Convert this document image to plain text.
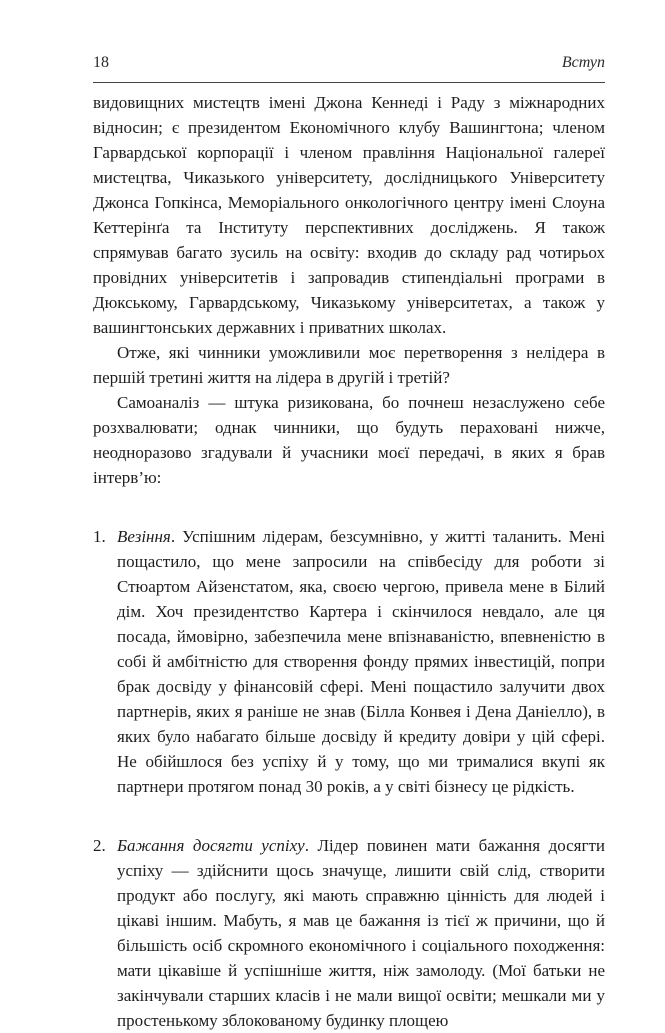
18	Вступ

видовищних мистецтв імені Джона Кеннеді і Раду з міжнародних відносин; є президентом Економічного клубу Вашингтона; членом Гарвардської корпорації і членом правління Національної галереї мистецтва, Чиказького університету, дослідницького Університету Джонса Гопкінса, Меморіального онкологічного центру імені Слоуна Кеттерінґа та Інституту перспективних досліджень. Я також спрямував багато зусиль на освіту: входив до складу рад чотирьох провідних університетів і запровадив стипендіальні програми в Дюкському, Гарвардському, Чиказькому університетах, а також у вашингтонських державних і приватних школах.

Отже, які чинники уможливили моє перетворення з нелідера в першій третині життя на лідера в другій і третій?

Самоаналіз — штука ризикована, бо почнеш незаслужено себе розхвалювати; однак чинники, що будуть пераховані нижче, неодноразово згадували й учасники моєї передачі, в яких я брав інтерв’ю:

1. Везіння. Успішним лідерам, безсумнівно, у житті таланить. Мені пощастило, що мене запросили на співбесіду для роботи зі Стюартом Айзенстатом, яка, своєю чергою, привела мене в Білий дім. Хоч президентство Картера і скінчилося невдало, але ця посада, ймовірно, забезпечила мене впізнаваністю, впевненістю в собі й амбітністю для створення фонду прямих інвестицій, попри брак досвіду у фінансовій сфері. Мені пощастило залучити двох партнерів, яких я раніше не знав (Білла Конвея і Дена Даніелло), в яких було набагато більше досвіду й кредиту довіри у цій сфері. Не обійшлося без успіху й у тому, що ми трималися вкупі як партнери протягом понад 30 років, а у світі бізнесу це рідкість.
2. Бажання досягти успіху. Лідер повинен мати бажання досягти успіху — здійснити щось значуще, лишити свій слід, створити продукт або послугу, які мають справжню цінність для людей і цікаві іншим. Мабуть, я мав це бажання із тієї ж причини, що й більшість осіб скромного економічного і соціального походження: мати цікавіше й успішніше життя, ніж замолоду. (Мої батьки не закінчували старших класів і не мали вищої освіти; мешкали ми у простенькому зблокованому будинку площею
